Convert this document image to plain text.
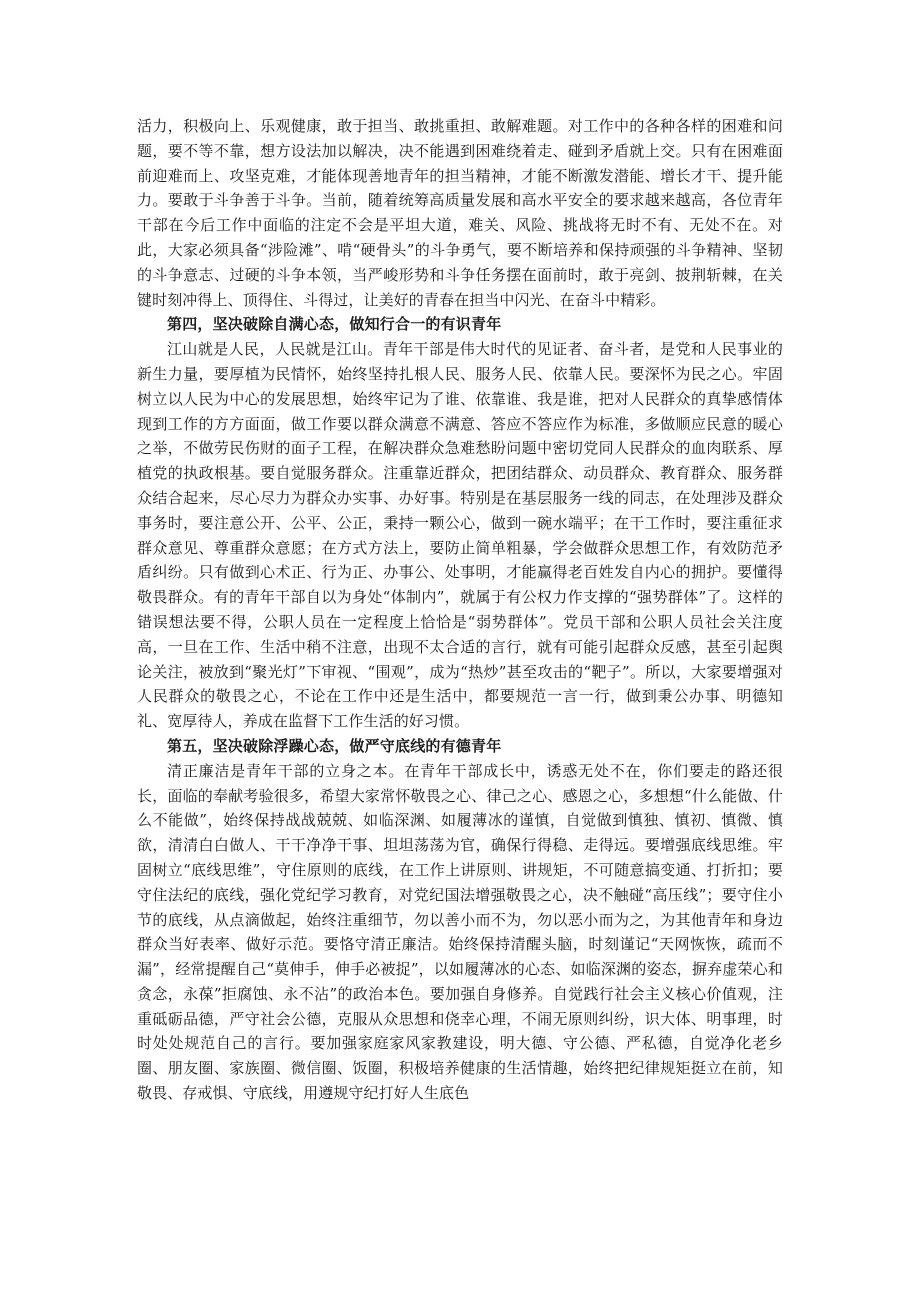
活力，积极向上、乐观健康，敢于担当、敢挑重担、敢解难题。对工作中的各种各样的困难和问题，要不等不靠，想方设法加以解决，决不能遇到困难绕着走、碰到矛盾就上交。只有在困难面前迎难而上、攻坚克难，才能体现善地青年的担当精神，才能不断激发潜能、增长才干、提升能力。要敢于斗争善于斗争。当前，随着统筹高质量发展和高水平安全的要求越来越高，各位青年干部在今后工作中面临的注定不会是平坦大道，难关、风险、挑战将无时不有、无处不在。对此，大家必须具备“涉险滩”、啃“硬骨头”的斗争勇气，要不断培养和保持顽强的斗争精神、坚韧的斗争意志、过硬的斗争本领，当严峻形势和斗争任务摆在面前时，敢于亮剑、披荆斩棘，在关键时刻冲得上、顶得住、斗得过，让美好的青春在担当中闪光、在奋斗中精彩。

第四，坚决破除自满心态，做知行合一的有识青年

江山就是人民，人民就是江山。青年干部是伟大时代的见证者、奋斗者，是党和人民事业的新生力量，要厚植为民情怀，始终坚持扎根人民、服务人民、依靠人民。要深怀为民之心。牢固树立以人民为中心的发展思想，始终牢记为了谁、依靠谁、我是谁，把对人民群众的真挚感情体现到工作的方方面面，做工作要以群众满意不满意、答应不答应作为标准，多做顺应民意的暖心之举，不做劳民伤财的面子工程，在解决群众急难愁盼问题中密切党同人民群众的血肉联系、厚植党的执政根基。要自觉服务群众。注重靠近群众，把团结群众、动员群众、教育群众、服务群众结合起来，尽心尽力为群众办实事、办好事。特别是在基层服务一线的同志，在处理涉及群众事务时，要注意公开、公平、公正，秉持一颗公心，做到一碗水端平；在干工作时，要注重征求群众意见、尊重群众意愿；在方式方法上，要防止简单粗暴，学会做群众思想工作，有效防范矛盾纠纷。只有做到心术正、行为正、办事公、处事明，才能赢得老百姓发自内心的拥护。要懂得敬畏群众。有的青年干部自以为身处“体制内”，就属于有公权力作支撑的“强势群体”了。这样的错误想法要不得，公职人员在一定程度上恰恰是“弱势群体”。党员干部和公职人员社会关注度高，一旦在工作、生活中稍不注意，出现不太合适的言行，就有可能引起群众反感，甚至引起舆论关注，被放到“聚光灯”下审视、“围观”，成为“热炒”甚至攻击的“靶子”。所以，大家要增强对人民群众的敬畏之心，不论在工作中还是生活中，都要规范一言一行，做到秉公办事、明德知礼、宽厚待人，养成在监督下工作生活的好习惯。

第五，坚决破除浮躁心态，做严守底线的有德青年

清正廉洁是青年干部的立身之本。在青年干部成长中，诱惑无处不在，你们要走的路还很长，面临的奉献考验很多，希望大家常怀敬畏之心、律己之心、感恩之心，多想想“什么能做、什么不能做”，始终保持战战兢兢、如临深渊、如履薄冰的谨慎，自觉做到慎独、慎初、慎微、慎欲，清清白白做人、干干净净干事、坦坦荡荡为官，确保行得稳、走得远。要增强底线思维。牢固树立“底线思维”，守住原则的底线，在工作上讲原则、讲规矩，不可随意搞变通、打折扣；要守住法纪的底线，强化党纪学习教育，对党纪国法增强敬畏之心，决不触碰“高压线”；要守住小节的底线，从点滴做起，始终注重细节，勿以善小而不为，勿以恶小而为之，为其他青年和身边群众当好表率、做好示范。要恪守清正廉洁。始终保持清醒头脑，时刻谨记“天网恢恢，疏而不漏”，经常提醒自己“莫伸手，伸手必被捉”，以如履薄冰的心态、如临深渊的姿态，摒弃虚荣心和贪念，永葆”拒腐蚀、永不沾”的政治本色。要加强自身修养。自觉践行社会主义核心价值观，注重砥砺品德，严守社会公德，克服从众思想和侥幸心理，不闹无原则纠纷，识大体、明事理，时时处处规范自己的言行。要加强家庭家风家教建设，明大德、守公德、严私德，自觉净化老乡圈、朋友圈、家族圈、微信圈、饭圈，积极培养健康的生活情趣，始终把纪律规矩挺立在前，知敬畏、存戒惧、守底线，用遵规守纪打好人生底色
